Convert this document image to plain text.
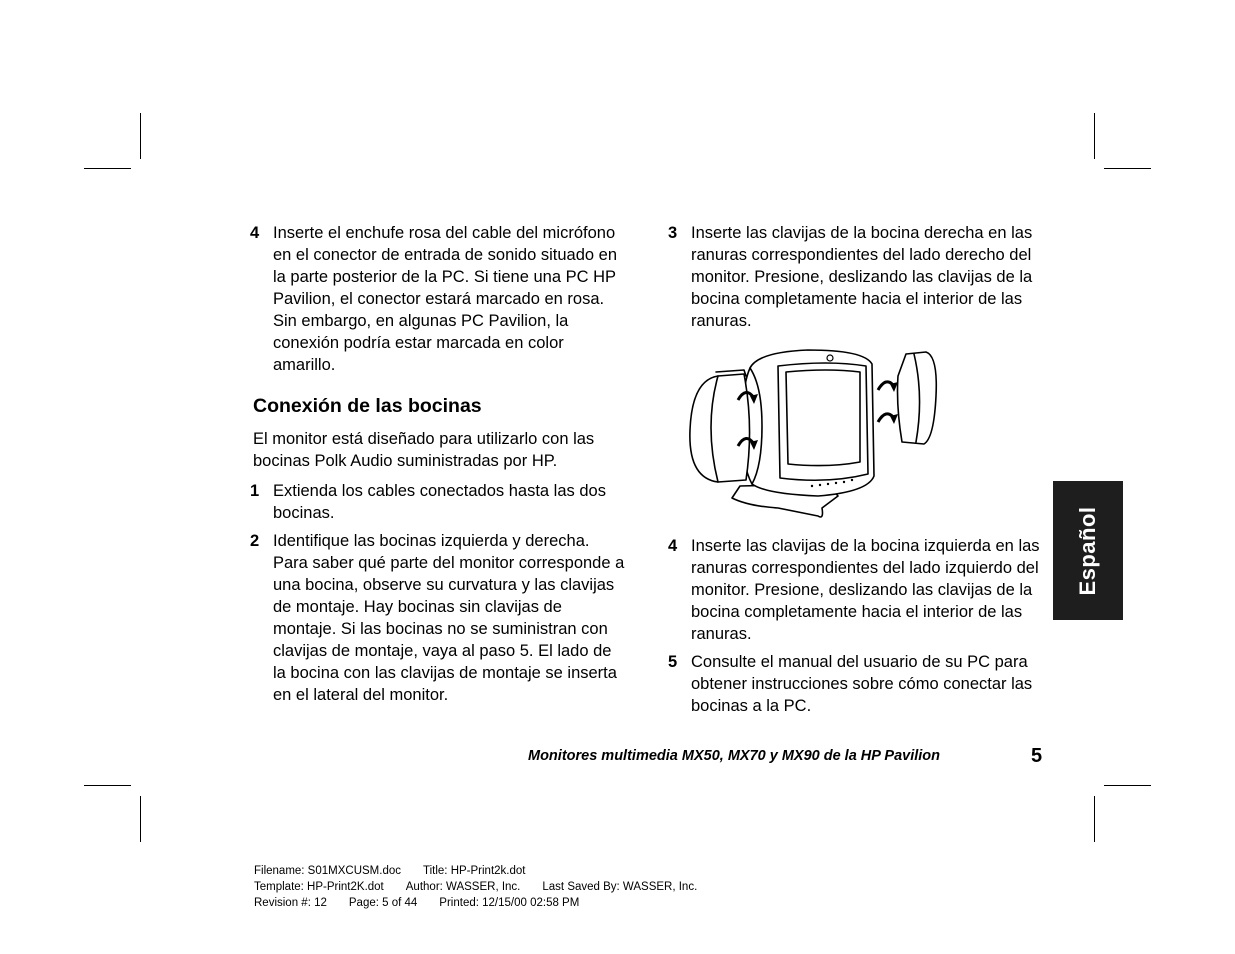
4 Inserte el enchufe rosa del cable del micrófono en el conector de entrada de sonido situado en la parte posterior de la PC. Si tiene una PC HP Pavilion, el conector estará marcado en rosa. Sin embargo, en algunas PC Pavilion, la conexión podría estar marcada en color amarillo.
Conexión de las bocinas
El monitor está diseñado para utilizarlo con las bocinas Polk Audio suministradas por HP.
1 Extienda los cables conectados hasta las dos bocinas.
2 Identifique las bocinas izquierda y derecha. Para saber qué parte del monitor corresponde a una bocina, observe su curvatura y las clavijas de montaje. Hay bocinas sin clavijas de montaje. Si las bocinas no se suministran con clavijas de montaje, vaya al paso 5. El lado de la bocina con las clavijas de montaje se inserta en el lateral del monitor.
3 Inserte las clavijas de la bocina derecha en las ranuras correspondientes del lado derecho del monitor. Presione, deslizando las clavijas de la bocina completamente hacia el interior de las ranuras.
4 Inserte las clavijas de la bocina izquierda en las ranuras correspondientes del lado izquierdo del monitor. Presione, deslizando las clavijas de la bocina completamente hacia el interior de las ranuras.
5 Consulte el manual del usuario de su PC para obtener instrucciones sobre cómo conectar las bocinas a la PC.
Español
Monitores multimedia MX50, MX70 y MX90 de la HP Pavilion	5
Filename: S01MXCUSM.doc Title: HP-Print2k.dot
Template: HP-Print2K.dot Author: WASSER, Inc. Last Saved By: WASSER, Inc.
Revision #: 12 Page: 5 of 44 Printed: 12/15/00 02:58 PM
